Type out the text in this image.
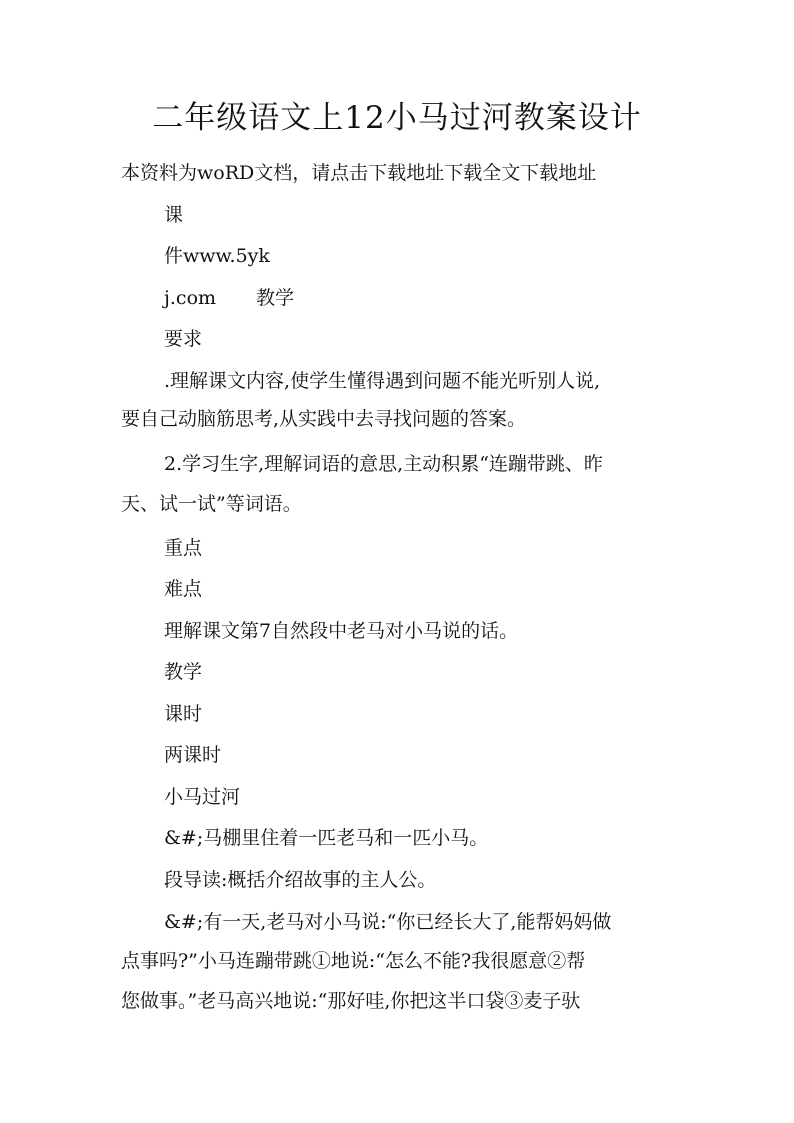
二年级语文上12小马过河教案设计

本资料为woRD文档，请点击下载地址下载全文下载地址

课

件www.5yk

j.com 教学

要求

.理解课文内容,使学生懂得遇到问题不能光听别人说,

要自己动脑筋思考,从实践中去寻找问题的答案。

2.学习生字,理解词语的意思,主动积累“连蹦带跳、昨

天、试一试”等词语。

重点

难点

理解课文第7自然段中老马对小马说的话。

教学

课时

两课时

小马过河

&#;马棚里住着一匹老马和一匹小马。

段导读:概括介绍故事的主人公。

&#;有一天,老马对小马说:“你已经长大了,能帮妈妈做

点事吗?”小马连蹦带跳①地说:“怎么不能?我很愿意②帮

您做事。”老马高兴地说:“那好哇,你把这半口袋③麦子驮
